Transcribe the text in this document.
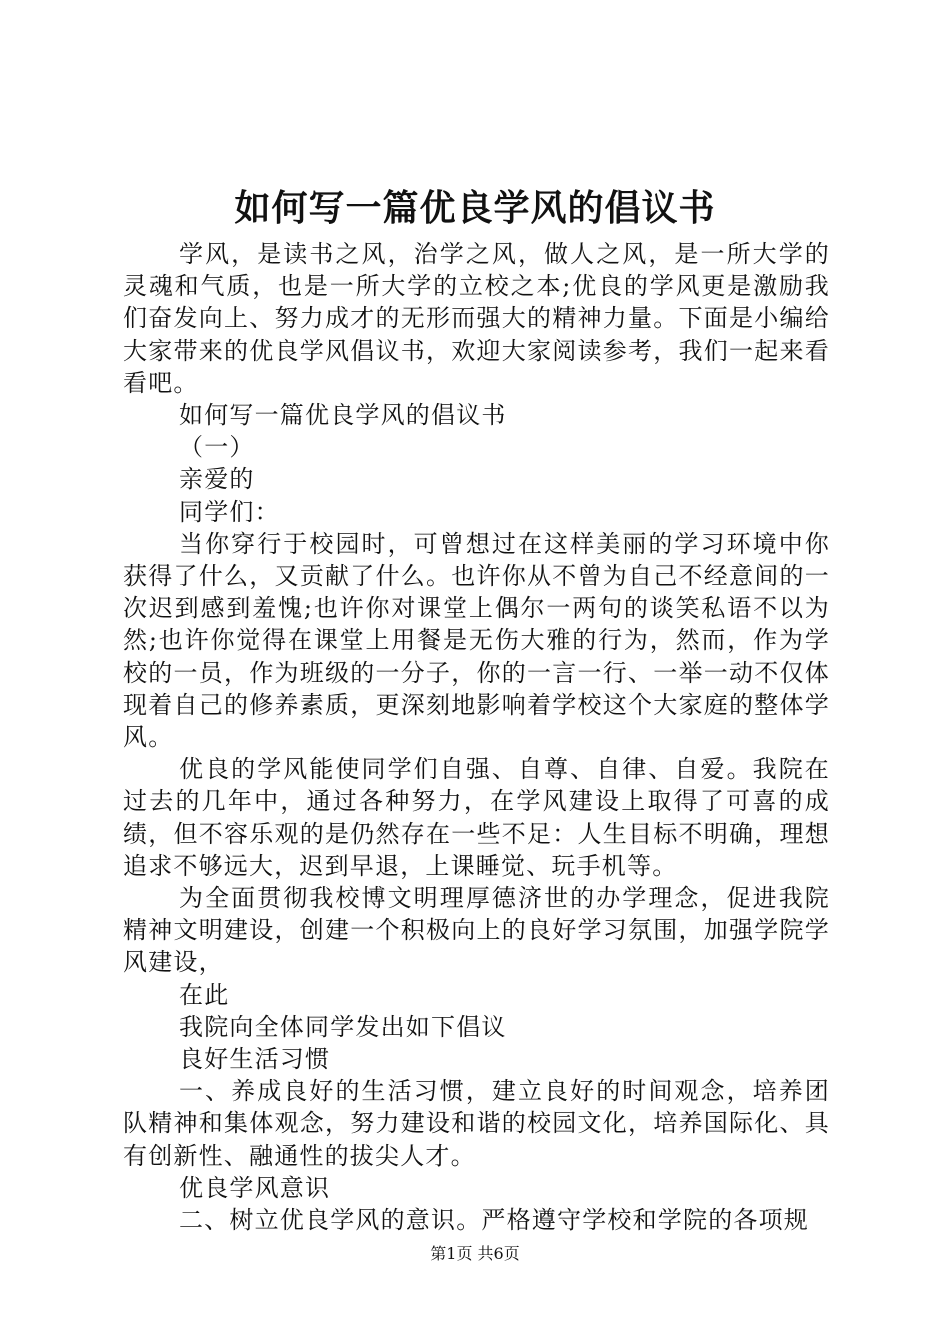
如何写一篇优良学风的倡议书

学风，是读书之风，治学之风，做人之风，是一所大学的灵魂和气质，也是一所大学的立校之本;优良的学风更是激励我们奋发向上、努力成才的无形而强大的精神力量。下面是小编给大家带来的优良学风倡议书，欢迎大家阅读参考，我们一起来看看吧。

如何写一篇优良学风的倡议书

（一）

亲爱的

同学们：

当你穿行于校园时，可曾想过在这样美丽的学习环境中你获得了什么，又贡献了什么。也许你从不曾为自己不经意间的一次迟到感到羞愧;也许你对课堂上偶尔一两句的谈笑私语不以为然;也许你觉得在课堂上用餐是无伤大雅的行为，然而，作为学校的一员，作为班级的一分子，你的一言一行、一举一动不仅体现着自己的修养素质，更深刻地影响着学校这个大家庭的整体学风。

优良的学风能使同学们自强、自尊、自律、自爱。我院在过去的几年中，通过各种努力，在学风建设上取得了可喜的成绩，但不容乐观的是仍然存在一些不足：人生目标不明确，理想追求不够远大，迟到早退，上课睡觉、玩手机等。

为全面贯彻我校博文明理厚德济世的办学理念，促进我院精神文明建设，创建一个积极向上的良好学习氛围，加强学院学风建设，

在此

我院向全体同学发出如下倡议

良好生活习惯

一、养成良好的生活习惯，建立良好的时间观念，培养团队精神和集体观念，努力建设和谐的校园文化，培养国际化、具有创新性、融通性的拔尖人才。

优良学风意识

二、树立优良学风的意识。严格遵守学校和学院的各项规

第1页 共6页
